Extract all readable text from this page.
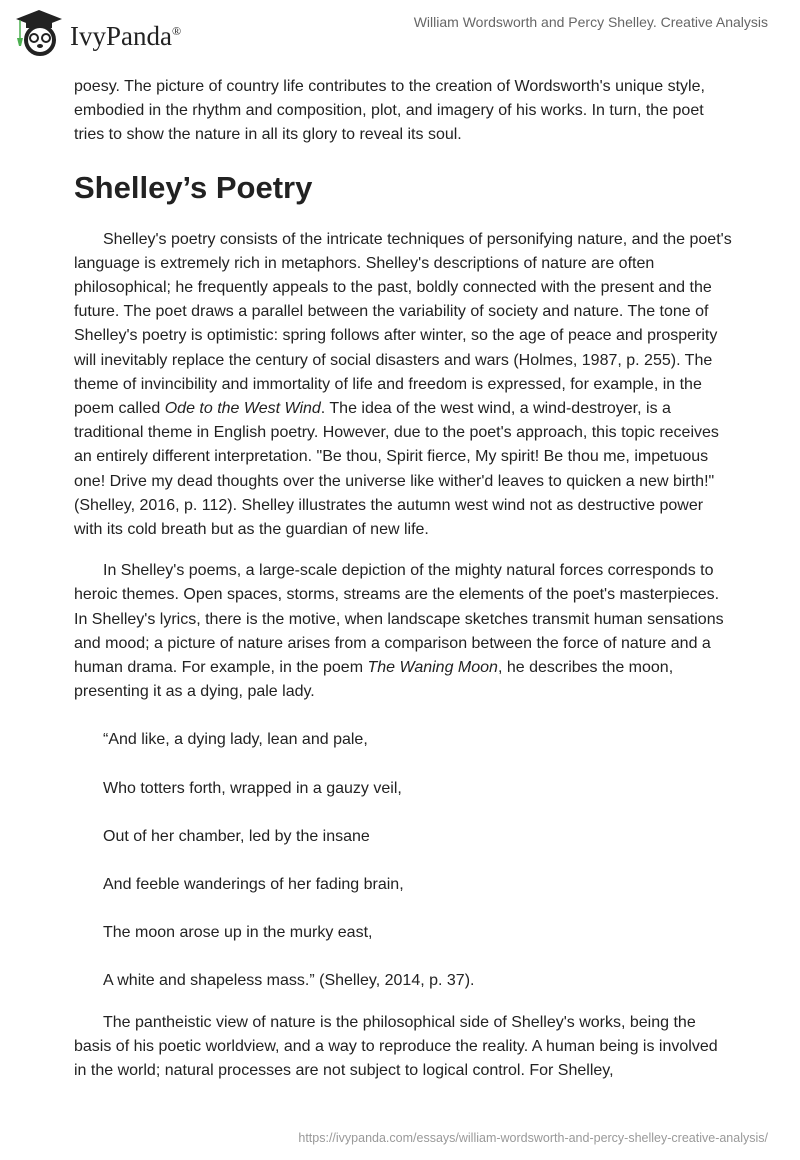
IvyPanda®
William Wordsworth and Percy Shelley. Creative Analysis

poesy. The picture of country life contributes to the creation of Wordsworth's unique style, embodied in the rhythm and composition, plot, and imagery of his works. In turn, the poet tries to show the nature in all its glory to reveal its soul.

Shelley’s Poetry

Shelley's poetry consists of the intricate techniques of personifying nature, and the poet's language is extremely rich in metaphors. Shelley's descriptions of nature are often philosophical; he frequently appeals to the past, boldly connected with the present and the future. The poet draws a parallel between the variability of society and nature. The tone of Shelley's poetry is optimistic: spring follows after winter, so the age of peace and prosperity will inevitably replace the century of social disasters and wars (Holmes, 1987, p. 255). The theme of invincibility and immortality of life and freedom is expressed, for example, in the poem called Ode to the West Wind. The idea of the west wind, a wind-destroyer, is a traditional theme in English poetry. However, due to the poet's approach, this topic receives an entirely different interpretation. "Be thou, Spirit fierce, My spirit! Be thou me, impetuous one! Drive my dead thoughts over the universe like wither'd leaves to quicken a new birth!" (Shelley, 2016, p. 112). Shelley illustrates the autumn west wind not as destructive power with its cold breath but as the guardian of new life.

In Shelley's poems, a large-scale depiction of the mighty natural forces corresponds to heroic themes. Open spaces, storms, streams are the elements of the poet's masterpieces. In Shelley's lyrics, there is the motive, when landscape sketches transmit human sensations and mood; a picture of nature arises from a comparison between the force of nature and a human drama. For example, in the poem The Waning Moon, he describes the moon, presenting it as a dying, pale lady.

“And like, a dying lady, lean and pale,

Who totters forth, wrapped in a gauzy veil,

Out of her chamber, led by the insane

And feeble wanderings of her fading brain,

The moon arose up in the murky east,

A white and shapeless mass.” (Shelley, 2014, p. 37).

The pantheistic view of nature is the philosophical side of Shelley's works, being the basis of his poetic worldview, and a way to reproduce the reality. A human being is involved in the world; natural processes are not subject to logical control. For Shelley,

https://ivypanda.com/essays/william-wordsworth-and-percy-shelley-creative-analysis/
